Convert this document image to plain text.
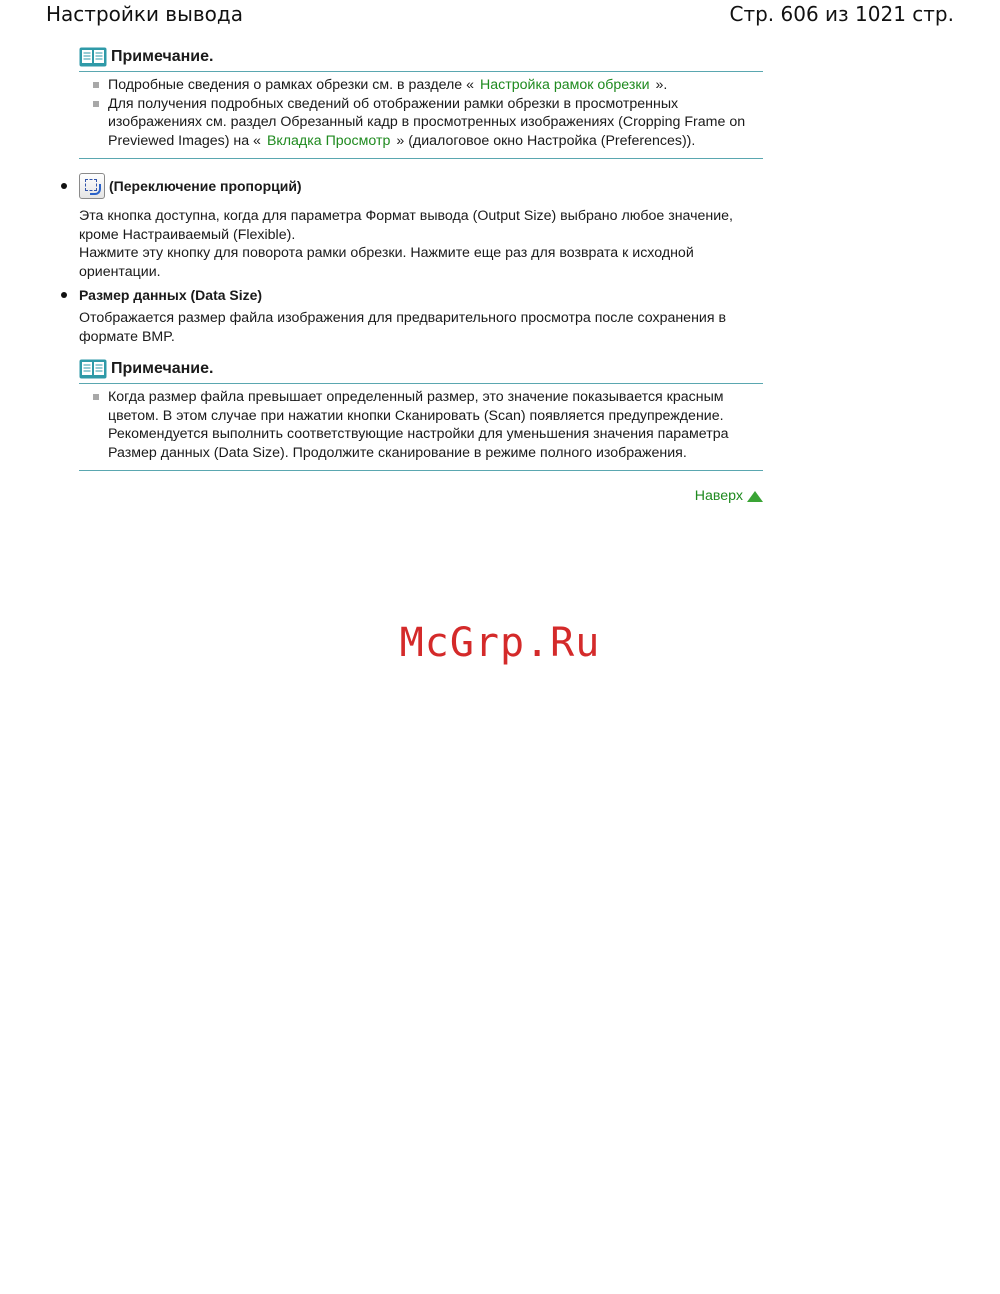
Настройки вывода	Стр. 606 из 1021 стр.
Примечание.
Подробные сведения о рамках обрезки см. в разделе « Настройка рамок обрезки ».
Для получения подробных сведений об отображении рамки обрезки в просмотренных изображениях см. раздел Обрезанный кадр в просмотренных изображениях (Cropping Frame on Previewed Images) на « Вкладка Просмотр » (диалоговое окно Настройка (Preferences)).
(Переключение пропорций)
Эта кнопка доступна, когда для параметра Формат вывода (Output Size) выбрано любое значение, кроме Настраиваемый (Flexible).
Нажмите эту кнопку для поворота рамки обрезки. Нажмите еще раз для возврата к исходной ориентации.
Размер данных (Data Size)
Отображается размер файла изображения для предварительного просмотра после сохранения в формате BMP.
Примечание.
Когда размер файла превышает определенный размер, это значение показывается красным цветом. В этом случае при нажатии кнопки Сканировать (Scan) появляется предупреждение. Рекомендуется выполнить соответствующие настройки для уменьшения значения параметра Размер данных (Data Size). Продолжите сканирование в режиме полного изображения.
Наверх
McGrp.Ru
